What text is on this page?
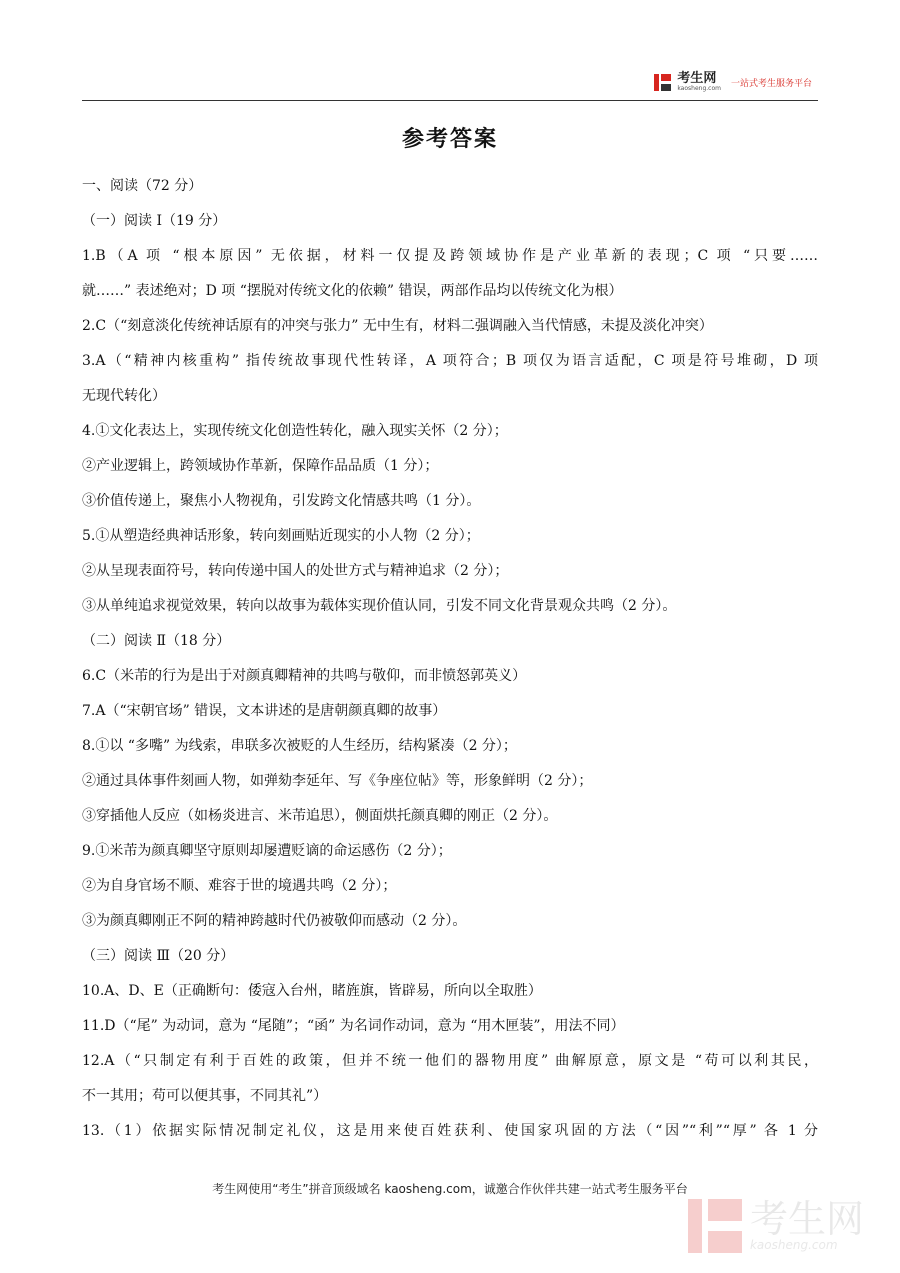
考生网
kaosheng.com 一站式考生服务平台
参考答案
一、阅读（72 分）
（一）阅读 Ⅰ（19 分）
1.B（A 项 “根本原因” 无依据，材料一仅提及跨领域协作是产业革新的表现；C 项 “只要……
就……” 表述绝对；D 项 “摆脱对传统文化的依赖” 错误，两部作品均以传统文化为根）
2.C（“刻意淡化传统神话原有的冲突与张力” 无中生有，材料二强调融入当代情感，未提及淡化冲突）
3.A（“精神内核重构” 指传统故事现代性转译，A 项符合；B 项仅为语言适配，C 项是符号堆砌，D 项
无现代转化）
4.①文化表达上，实现传统文化创造性转化，融入现实关怀（2 分）；
②产业逻辑上，跨领域协作革新，保障作品品质（1 分）；
③价值传递上，聚焦小人物视角，引发跨文化情感共鸣（1 分）。
5.①从塑造经典神话形象，转向刻画贴近现实的小人物（2 分）；
②从呈现表面符号，转向传递中国人的处世方式与精神追求（2 分）；
③从单纯追求视觉效果，转向以故事为载体实现价值认同，引发不同文化背景观众共鸣（2 分）。
（二）阅读 Ⅱ（18 分）
6.C（米芾的行为是出于对颜真卿精神的共鸣与敬仰，而非愤怒郭英义）
7.A（“宋朝官场” 错误，文本讲述的是唐朝颜真卿的故事）
8.①以 “多嘴” 为线索，串联多次被贬的人生经历，结构紧凑（2 分）；
②通过具体事件刻画人物，如弹劾李延年、写《争座位帖》等，形象鲜明（2 分）；
③穿插他人反应（如杨炎进言、米芾追思），侧面烘托颜真卿的刚正（2 分）。
9.①米芾为颜真卿坚守原则却屡遭贬谪的命运感伤（2 分）；
②为自身官场不顺、难容于世的境遇共鸣（2 分）；
③为颜真卿刚正不阿的精神跨越时代仍被敬仰而感动（2 分）。
（三）阅读 Ⅲ（20 分）
10.A、D、E（正确断句：倭寇入台州，睹旌旗，皆辟易，所向以全取胜）
11.D（“尾” 为动词，意为 “尾随”；“函” 为名词作动词，意为 “用木匣装”，用法不同）
12.A（“只制定有利于百姓的政策，但并不统一他们的器物用度” 曲解原意，原文是 “苟可以利其民，
不一其用；苟可以便其事，不同其礼”）
13.（1）依据实际情况制定礼仪，这是用来使百姓获利、使国家巩固的方法（“因”“利”“厚” 各 1 分
考生网使用“考生”拼音顶级域名 kaosheng.com，诚邀合作伙伴共建一站式考生服务平台
考生网
kaosheng.com
